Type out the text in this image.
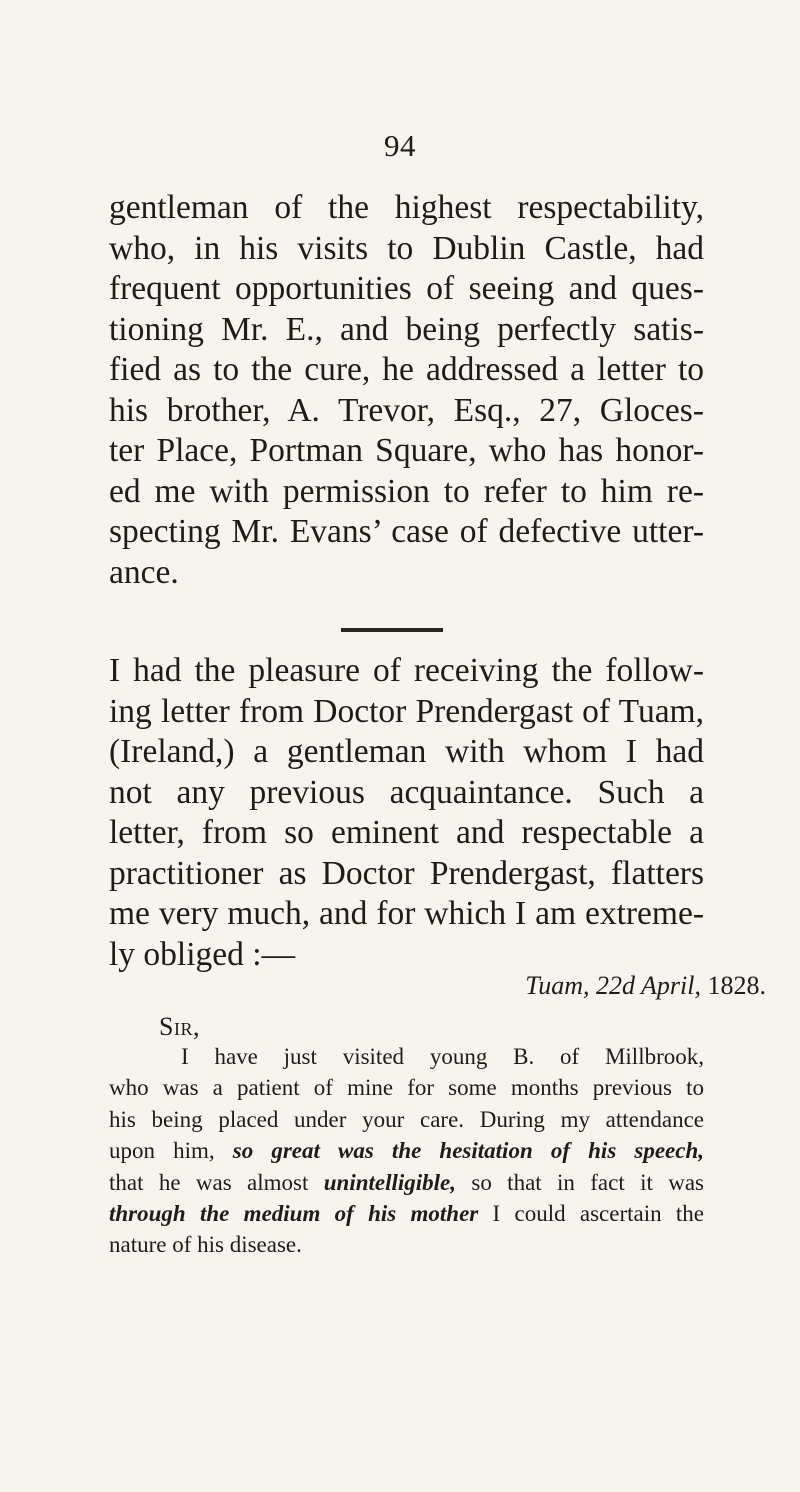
94
gentleman of the highest respectability,
who, in his visits to Dublin Castle, had
frequent opportunities of seeing and ques-
tioning Mr. E., and being perfectly satis-
fied as to the cure, he addressed a letter to
his brother, A. Trevor, Esq., 27, Gloces-
ter Place, Portman Square, who has honor-
ed me with permission to refer to him re-
specting Mr. Evans’ case of defective utter-
ance.
I had the pleasure of receiving the follow-
ing letter from Doctor Prendergast of Tuam,
(Ireland,) a gentleman with whom I had
not any previous acquaintance. Such a
letter, from so eminent and respectable a
practitioner as Doctor Prendergast, flatters
me very much, and for which I am extreme-
ly obliged :—
Tuam, 22d April, 1828.
Sir,
I have just visited young B. of Millbrook,
who was a patient of mine for some months previous to
his being placed under your care. During my attendance
upon him, so great was the hesitation of his speech,
that he was almost unintelligible, so that in fact it was
through the medium of his mother I could ascertain the
nature of his disease.
